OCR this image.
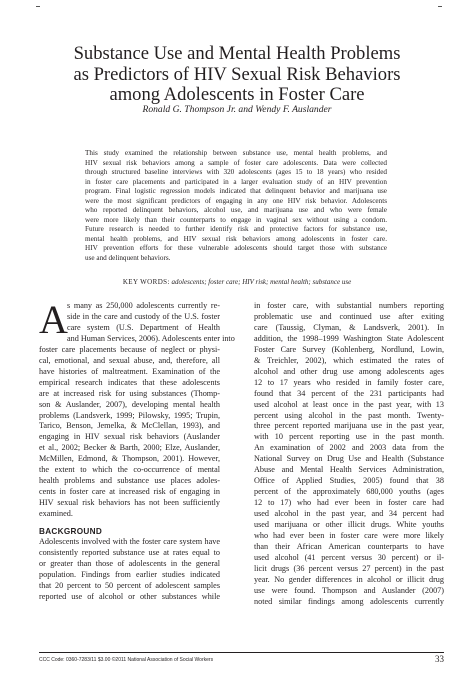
Substance Use and Mental Health Problems
as Predictors of HIV Sexual Risk Behaviors
among Adolescents in Foster Care
Ronald G. Thompson Jr. and Wendy F. Auslander
This study examined the relationship between substance use, mental health problems, and
HIV sexual risk behaviors among a sample of foster care adolescents. Data were collected
through structured baseline interviews with 320 adolescents (ages 15 to 18 years) who resided
in foster care placements and participated in a larger evaluation study of an HIV prevention
program. Final logistic regression models indicated that delinquent behavior and marijuana use
were the most significant predictors of engaging in any one HIV risk behavior. Adolescents
who reported delinquent behaviors, alcohol use, and marijuana use and who were female
were more likely than their counterparts to engage in vaginal sex without using a condom.
Future research is needed to further identify risk and protective factors for substance use,
mental health problems, and HIV sexual risk behaviors among adolescents in foster care.
HIV prevention efforts for these vulnerable adolescents should target those with substance
use and delinquent behaviors.
KEY WORDS: adolescents; foster care; HIV risk; mental health; substance use
A s many as 250,000 adolescents currently re-
side in the care and custody of the U.S. foster
care system (U.S. Department of Health
and Human Services, 2006). Adolescents enter into
foster care placements because of neglect or physi-
cal, emotional, and sexual abuse, and, therefore, all
have histories of maltreatment. Examination of the
empirical research indicates that these adolescents
are at increased risk for using substances (Thomp-
son & Auslander, 2007), developing mental health
problems (Landsverk, 1999; Pilowsky, 1995; Trupin,
Tarico, Benson, Jemelka, & McClellan, 1993), and
engaging in HIV sexual risk behaviors (Auslander
et al., 2002; Becker & Barth, 2000; Elze, Auslander,
McMillen, Edmond, & Thompson, 2001). However,
the extent to which the co-occurrence of mental
health problems and substance use places adoles-
cents in foster care at increased risk of engaging in
HIV sexual risk behaviors has not been sufficiently
examined.
BACKGROUND
Adolescents involved with the foster care system have
consistently reported substance use at rates equal to
or greater than those of adolescents in the general
population. Findings from earlier studies indicated
that 20 percent to 50 percent of adolescent samples
reported use of alcohol or other substances while
in foster care, with substantial numbers reporting
problematic use and continued use after exiting
care (Taussig, Clyman, & Landsverk, 2001). In
addition, the 1998–1999 Washington State Adolescent
Foster Care Survey (Kohlenberg, Nordlund, Lowin,
& Treichler, 2002), which estimated the rates of
alcohol and other drug use among adolescents ages
12 to 17 years who resided in family foster care,
found that 34 percent of the 231 participants had
used alcohol at least once in the past year, with 13
percent using alcohol in the past month. Twenty-
three percent reported marijuana use in the past year,
with 10 percent reporting use in the past month.
An examination of 2002 and 2003 data from the
National Survey on Drug Use and Health (Substance
Abuse and Mental Health Services Administration,
Office of Applied Studies, 2005) found that 38
percent of the approximately 680,000 youths (ages
12 to 17) who had ever been in foster care had
used alcohol in the past year, and 34 percent had
used marijuana or other illicit drugs. White youths
who had ever been in foster care were more likely
than their African American counterparts to have
used alcohol (41 percent versus 30 percent) or il-
licit drugs (36 percent versus 27 percent) in the past
year. No gender differences in alcohol or illicit drug
use were found. Thompson and Auslander (2007)
noted similar findings among adolescents currently
CCC Code: 0360-7283/11 $3.00 ©2011 National Association of Social Workers	33
